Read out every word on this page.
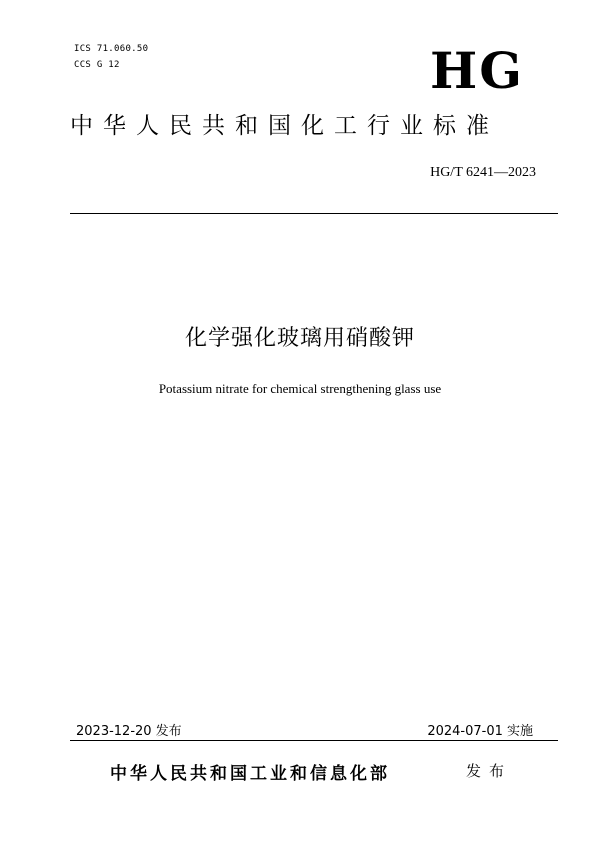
ICS 71.060.50
CCS G 12	HG
中华人民共和国化工行业标准
HG/T 6241—2023
化学强化玻璃用硝酸钾
Potassium nitrate for chemical strengthening glass use
2023-12-20 发布	2024-07-01 实施
中华人民共和国工业和信息化部	发布
